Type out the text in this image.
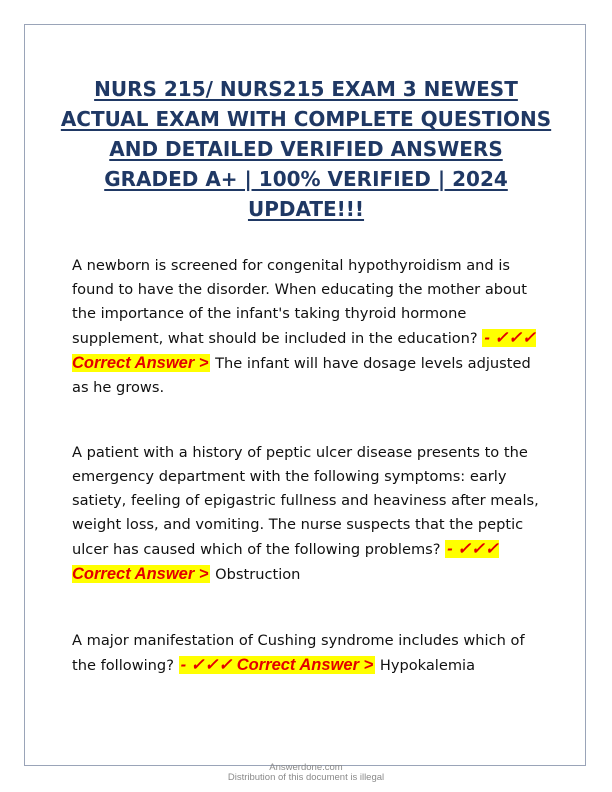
NURS 215/ NURS215 EXAM 3 NEWEST ACTUAL EXAM WITH COMPLETE QUESTIONS AND DETAILED VERIFIED ANSWERS GRADED A+ | 100% VERIFIED | 2024 UPDATE!!!

A newborn is screened for congenital hypothyroidism and is found to have the disorder. When educating the mother about the importance of the infant's taking thyroid hormone supplement, what should be included in the education? - ✓✓✓ Correct Answer > The infant will have dosage levels adjusted as he grows.

A patient with a history of peptic ulcer disease presents to the emergency department with the following symptoms: early satiety, feeling of epigastric fullness and heaviness after meals, weight loss, and vomiting. The nurse suspects that the peptic ulcer has caused which of the following problems? - ✓✓✓ Correct Answer > Obstruction

A major manifestation of Cushing syndrome includes which of the following? - ✓✓✓ Correct Answer > Hypokalemia

Answerdone.com
Distribution of this document is illegal
